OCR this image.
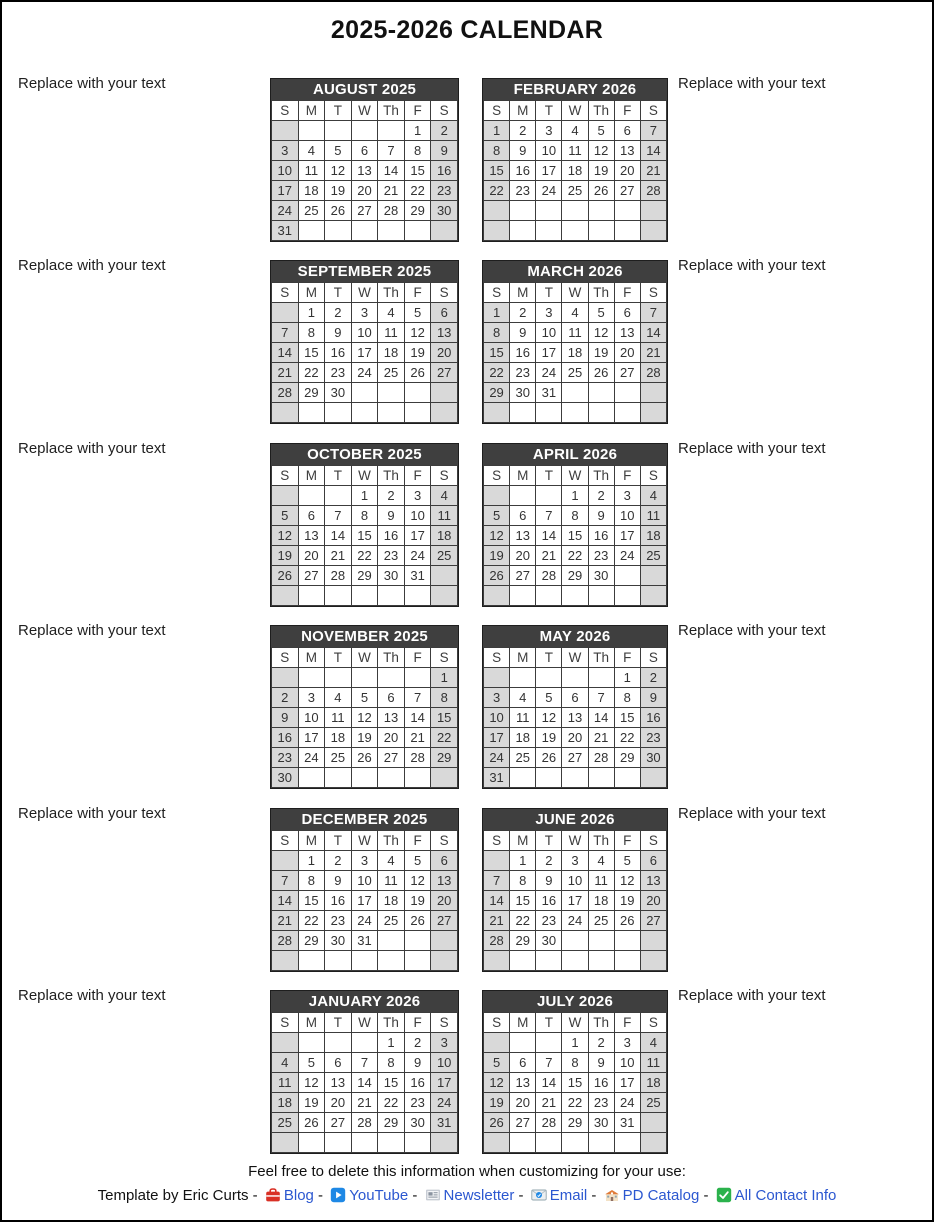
2025-2026 CALENDAR
Replace with your text	AUGUST 2025
S	M	T	W	Th	F	S
					1	2
3	4	5	6	7	8	9
10	11	12	13	14	15	16
17	18	19	20	21	22	23
24	25	26	27	28	29	30
31						
FEBRUARY 2026
S	M	T	W	Th	F	S
1	2	3	4	5	6	7
8	9	10	11	12	13	14
15	16	17	18	19	20	21
22	23	24	25	26	27	28

Replace with your text
Replace with your text	SEPTEMBER 2025
S	M	T	W	Th	F	S
	1	2	3	4	5	6
7	8	9	10	11	12	13
14	15	16	17	18	19	20
21	22	23	24	25	26	27
28	29	30				

MARCH 2026
S	M	T	W	Th	F	S
1	2	3	4	5	6	7
8	9	10	11	12	13	14
15	16	17	18	19	20	21
22	23	24	25	26	27	28
29	30	31				

Replace with your text
Replace with your text	OCTOBER 2025
S	M	T	W	Th	F	S
			1	2	3	4
5	6	7	8	9	10	11
12	13	14	15	16	17	18
19	20	21	22	23	24	25
26	27	28	29	30	31	

APRIL 2026
S	M	T	W	Th	F	S
			1	2	3	4
5	6	7	8	9	10	11
12	13	14	15	16	17	18
19	20	21	22	23	24	25
26	27	28	29	30		

Replace with your text
Replace with your text	NOVEMBER 2025
S	M	T	W	Th	F	S
						1
2	3	4	5	6	7	8
9	10	11	12	13	14	15
16	17	18	19	20	21	22
23	24	25	26	27	28	29
30						
MAY 2026
S	M	T	W	Th	F	S
					1	2
3	4	5	6	7	8	9
10	11	12	13	14	15	16
17	18	19	20	21	22	23
24	25	26	27	28	29	30
31						
Replace with your text
Replace with your text	DECEMBER 2025
S	M	T	W	Th	F	S
	1	2	3	4	5	6
7	8	9	10	11	12	13
14	15	16	17	18	19	20
21	22	23	24	25	26	27
28	29	30	31			

JUNE 2026
S	M	T	W	Th	F	S
	1	2	3	4	5	6
7	8	9	10	11	12	13
14	15	16	17	18	19	20
21	22	23	24	25	26	27
28	29	30				

Replace with your text
Replace with your text	JANUARY 2026
S	M	T	W	Th	F	S
				1	2	3
4	5	6	7	8	9	10
11	12	13	14	15	16	17
18	19	20	21	22	23	24
25	26	27	28	29	30	31

JULY 2026
S	M	T	W	Th	F	S
			1	2	3	4
5	6	7	8	9	10	11
12	13	14	15	16	17	18
19	20	21	22	23	24	25
26	27	28	29	30	31	

Replace with your text
Feel free to delete this information when customizing for your use:
Template by Eric Curts - Blog - YouTube - Newsletter - Email - PD Catalog - All Contact Info
